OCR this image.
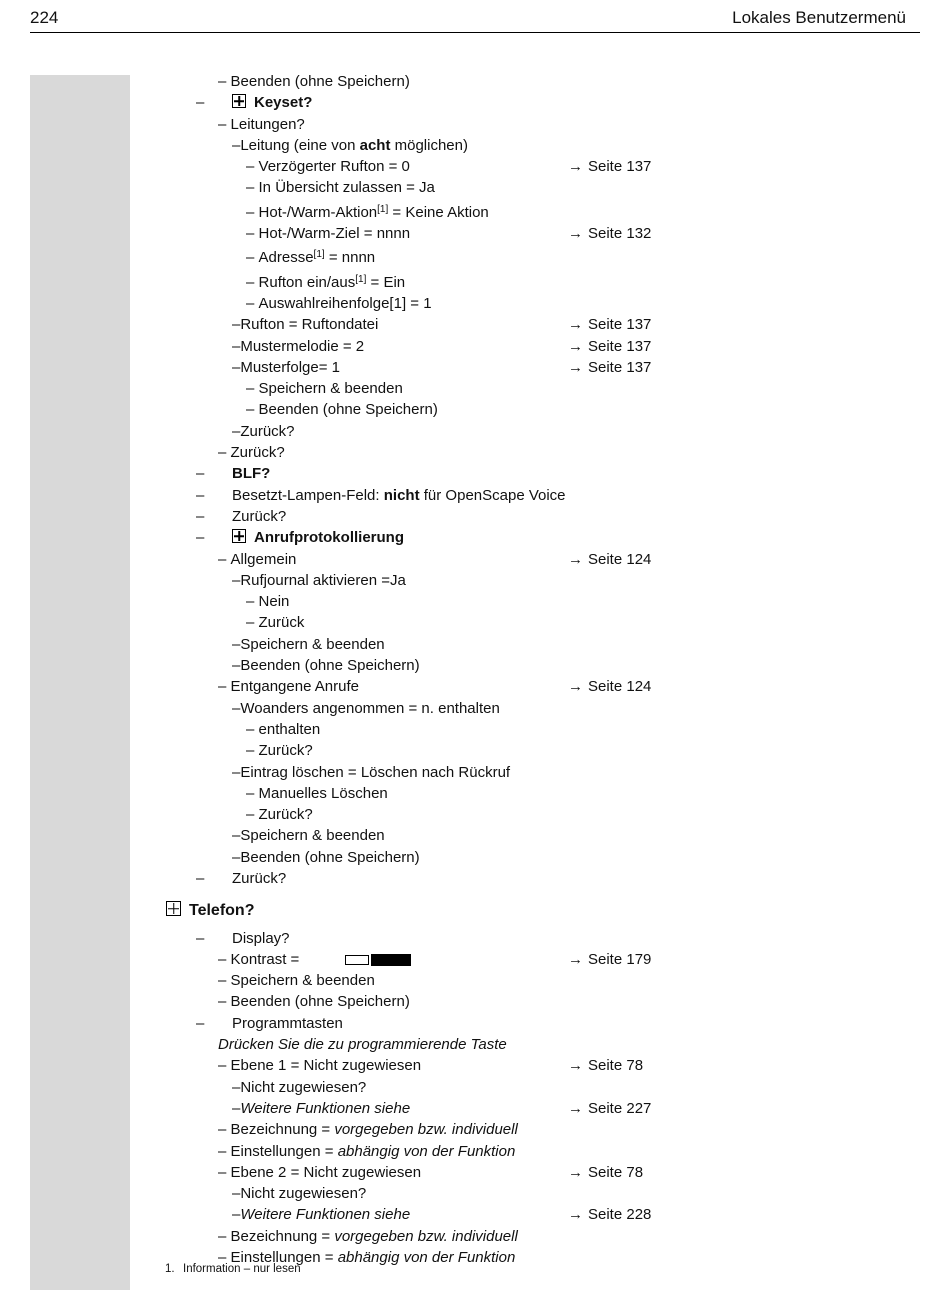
224	Lokales Benutzermenü
– Beenden (ohne Speichern)
–	Keyset?
– Leitungen?
–Leitung (eine von acht möglichen)
– Verzögerter Rufton = 0	→ Seite 137
– In Übersicht zulassen = Ja
– Hot-/Warm-Aktion[1] = Keine Aktion
– Hot-/Warm-Ziel = nnnn	→ Seite 132
– Adresse[1] = nnnn
– Rufton ein/aus[1] = Ein
– Auswahlreihenfolge[1] = 1
–Rufton = Ruftondatei	→ Seite 137
–Mustermelodie = 2	→ Seite 137
–Musterfolge= 1	→ Seite 137
– Speichern & beenden
– Beenden (ohne Speichern)
–Zurück?
– Zurück?
– BLF?
– Besetzt-Lampen-Feld: nicht für OpenScape Voice
– Zurück?
–	Anrufprotokollierung
– Allgemein	→ Seite 124
–Rufjournal aktivieren =Ja
– Nein
– Zurück
–Speichern & beenden
–Beenden (ohne Speichern)
– Entgangene Anrufe	→ Seite 124
–Woanders angenommen = n. enthalten
– enthalten
– Zurück?
–Eintrag löschen = Löschen nach Rückruf
– Manuelles Löschen
– Zurück?
–Speichern & beenden
–Beenden (ohne Speichern)
– Zurück?
Telefon?
– Display?
– Kontrast =	→ Seite 179
– Speichern & beenden
– Beenden (ohne Speichern)
– Programmtasten
Drücken Sie die zu programmierende Taste
– Ebene 1 = Nicht zugewiesen	→ Seite 78
–Nicht zugewiesen?
–Weitere Funktionen siehe	→ Seite 227
– Bezeichnung = vorgegeben bzw. individuell
– Einstellungen = abhängig von der Funktion
– Ebene 2 = Nicht zugewiesen	→ Seite 78
–Nicht zugewiesen?
–Weitere Funktionen siehe	→ Seite 228
– Bezeichnung = vorgegeben bzw. individuell
– Einstellungen = abhängig von der Funktion
1. Information – nur lesen
